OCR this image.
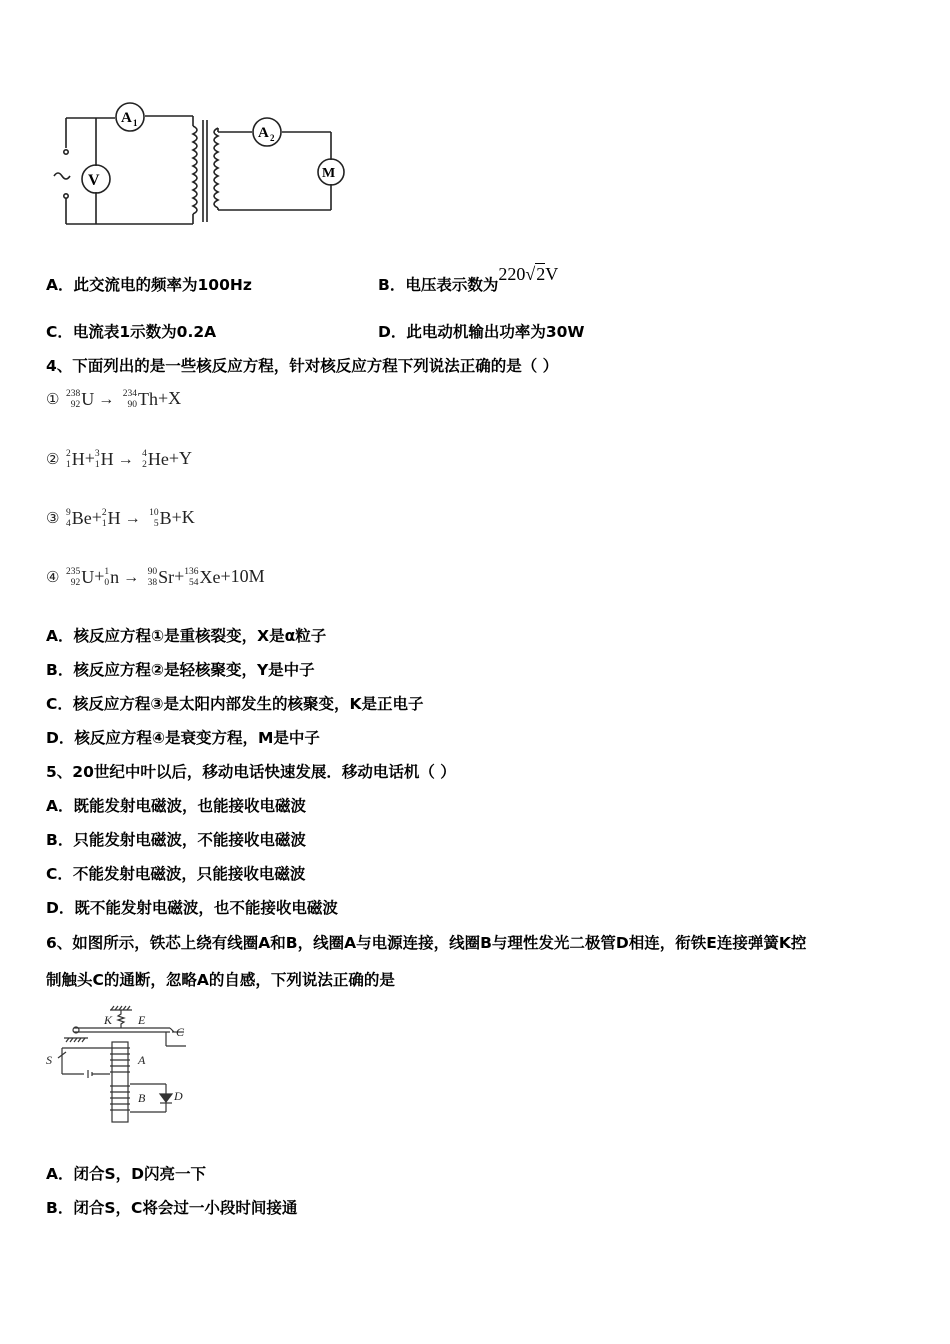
A 1
V
A 2
M
A．此交流电的频率为100Hz	B．电压表示数为220√2V
C．电流表1示数为0.2A	D．此电动机输出功率为30W
4、下面列出的是一些核反应方程，针对核反应方程下列说法正确的是（ ）
① 238
92 U → 234
90 Th +X
② 2
1 H + 3
1 H → 4
2 He +Y
③ 9
4 Be + 2
1 H → 10
5 B +K
④ 235
92 U + 1
0 n → 90
38 Sr + 136
54 Xe +10M
A．核反应方程①是重核裂变，X是α粒子
B．核反应方程②是轻核聚变，Y是中子
C．核反应方程③是太阳内部发生的核聚变，K是正电子
D．核反应方程④是衰变方程，M是中子
5、20世纪中叶以后，移动电话快速发展．移动电话机（ ）
A．既能发射电磁波，也能接收电磁波
B．只能发射电磁波，不能接收电磁波
C．不能发射电磁波，只能接收电磁波
D．既不能发射电磁波，也不能接收电磁波
6、如图所示，铁芯上绕有线圈A和B，线圈A与电源连接，线圈B与理性发光二极管D相连，衔铁E连接弹簧K控
制触头C的通断，忽略A的自感，下列说法正确的是
K E
C
S	A
B D
A．闭合S，D闪亮一下
B．闭合S，C将会过一小段时间接通
